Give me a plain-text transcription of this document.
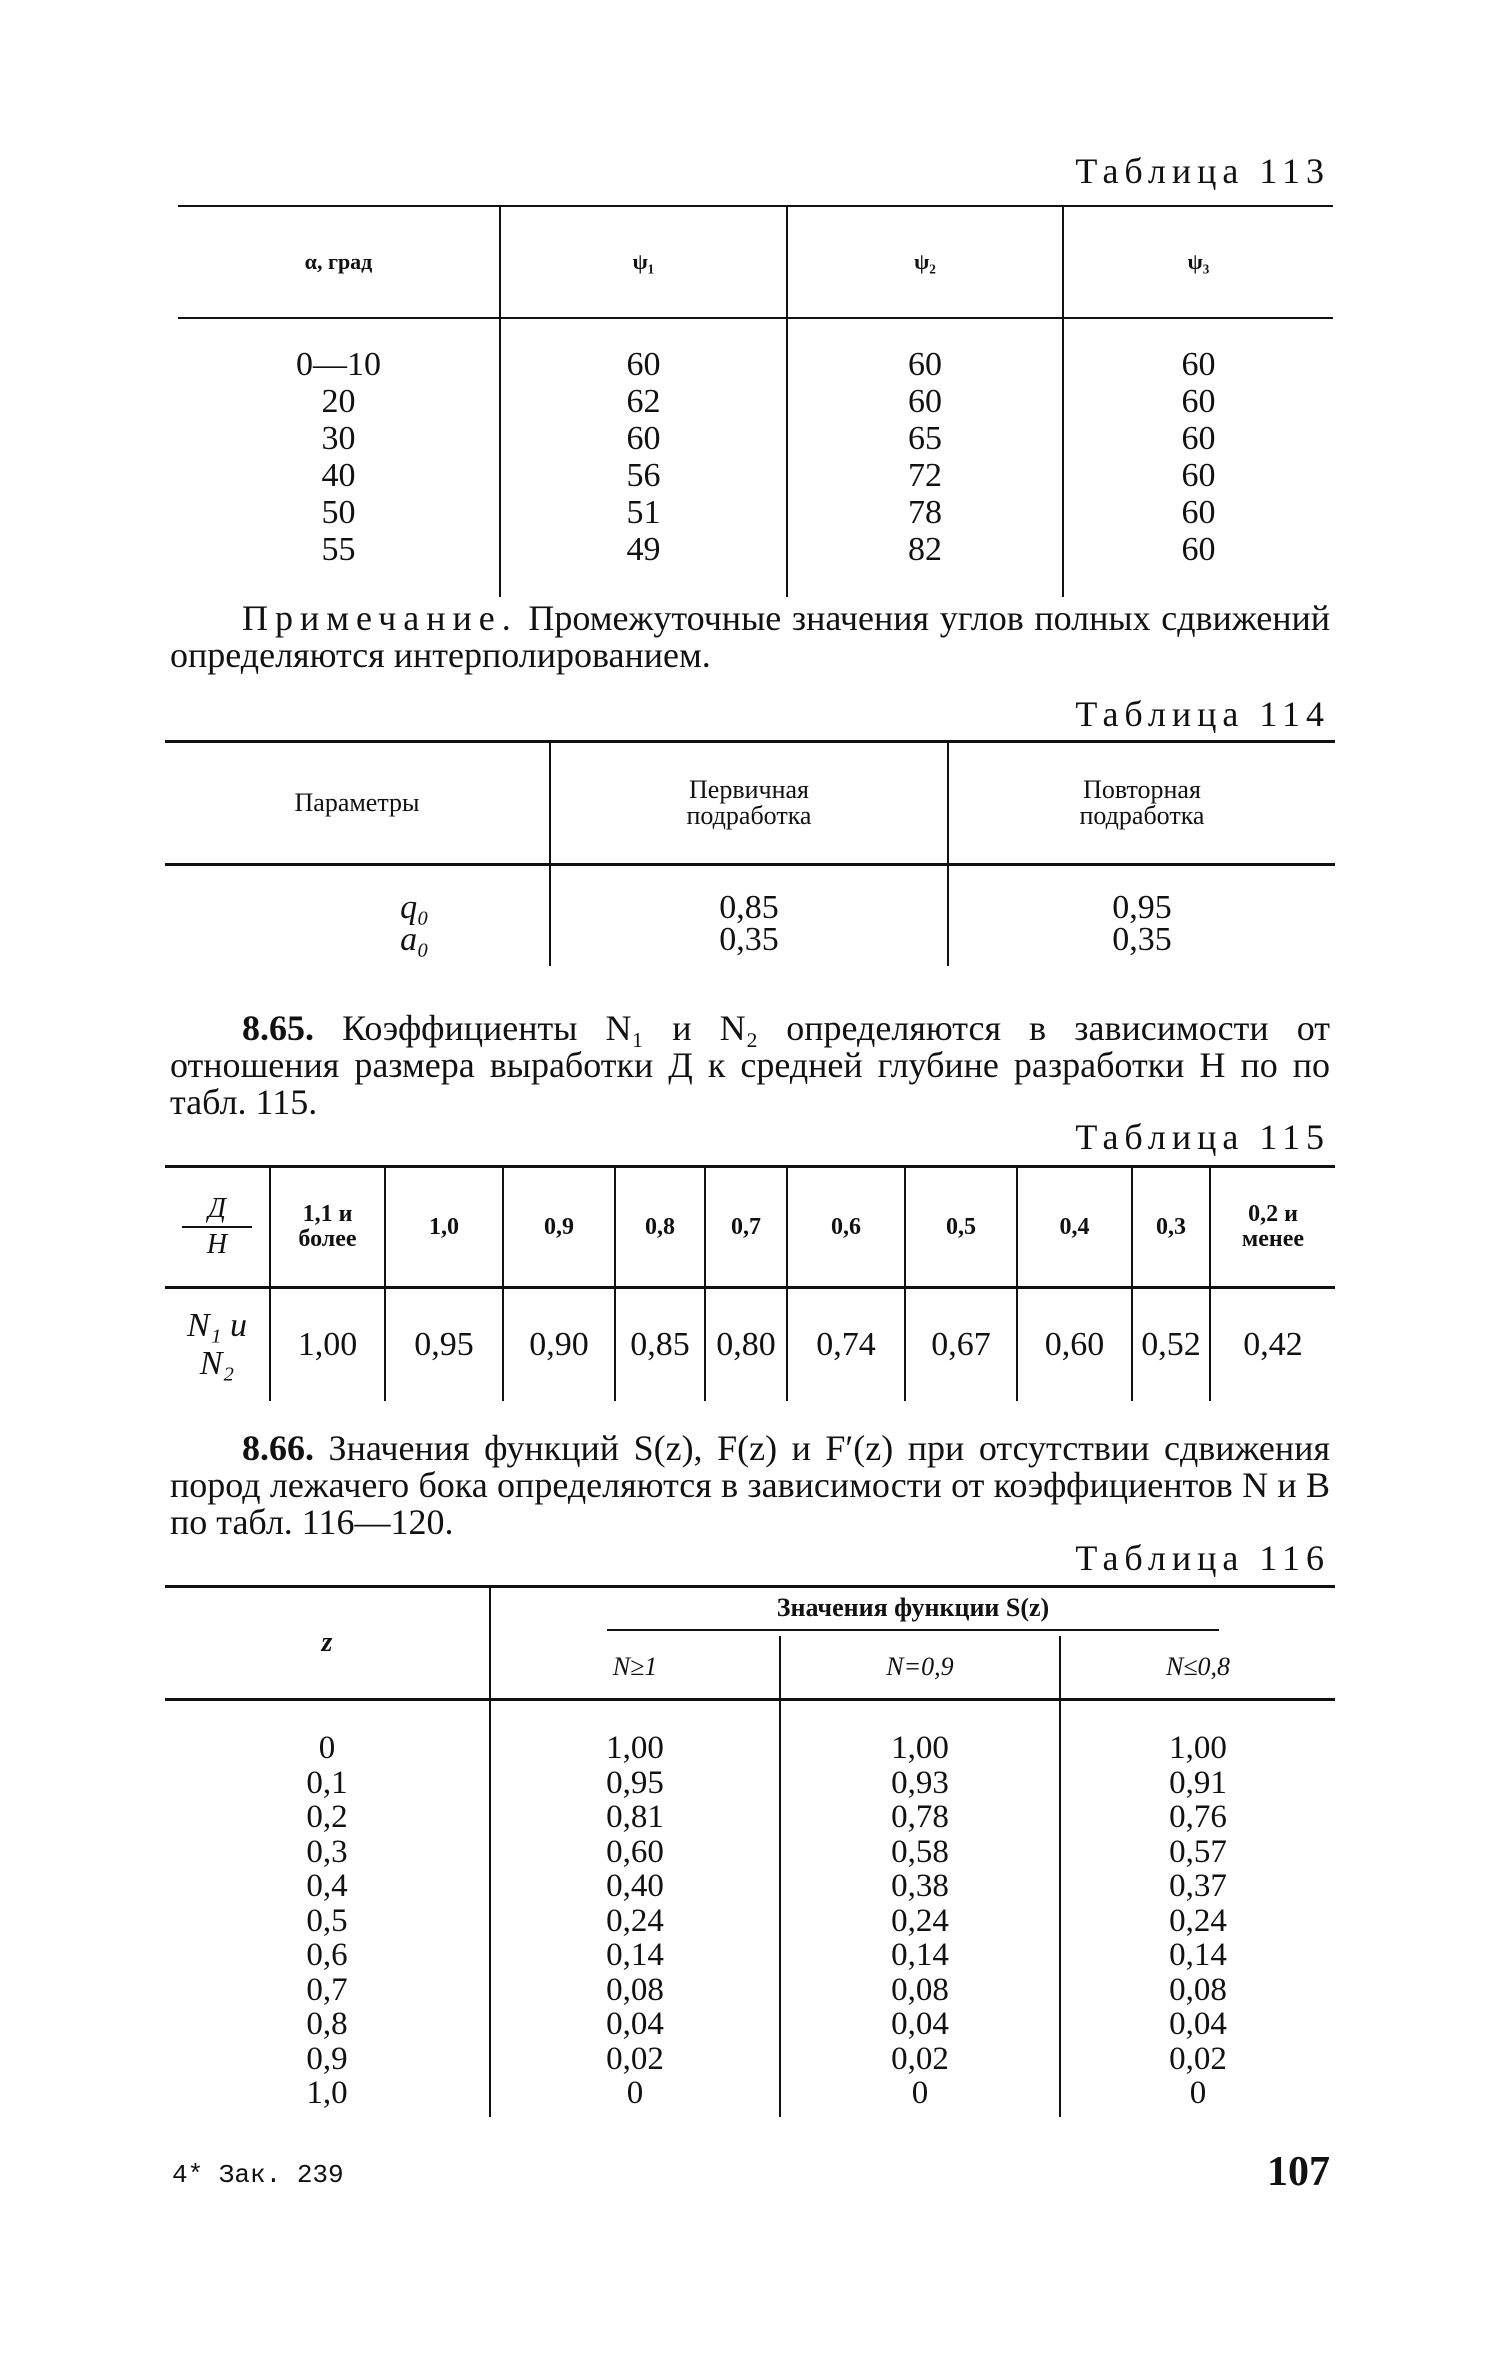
Таблица 113
α, град	ψ₁	ψ₂	ψ₃
0—10	60	60	60
20	62	60	60
30	60	65	60
40	56	72	60
50	51	78	60
55	49	82	60
Примечание. Промежуточные значения углов полных сдвижений определяются интерполированием.
Таблица 114
Параметры	Первичная подработка	Повторная подработка
q₀	0,85	0,95
a₀	0,35	0,35
8.65. Коэффициенты N₁ и N₂ определяются в зависимости от отношения размера выработки Д к средней глубине разработки H по по табл. 115.
Таблица 115
$\frac{Д}{H}$	1,1 и более	1,0	0,9	0,8	0,7	0,6	0,5	0,4	0,3	0,2 и менее
N₁ и N₂	1,00	0,95	0,90	0,85	0,80	0,74	0,67	0,60	0,52	0,42
8.66. Значения функций S(z), F(z) и F′(z) при отсутствии сдвижения пород лежачего бока определяются в зависимости от коэффициентов N и B по табл. 116—120.
Таблица 116
z	Значения функции S(z)		
	N≥1	N=0,9	N≤0,8
0	1,00	1,00	1,00
0,1	0,95	0,93	0,91
0,2	0,81	0,78	0,76
0,3	0,60	0,58	0,57
0,4	0,40	0,38	0,37
0,5	0,24	0,24	0,24
0,6	0,14	0,14	0,14
0,7	0,08	0,08	0,08
0,8	0,04	0,04	0,04
0,9	0,02	0,02	0,02
1,0	0	0	0
4* Зак. 239	107
